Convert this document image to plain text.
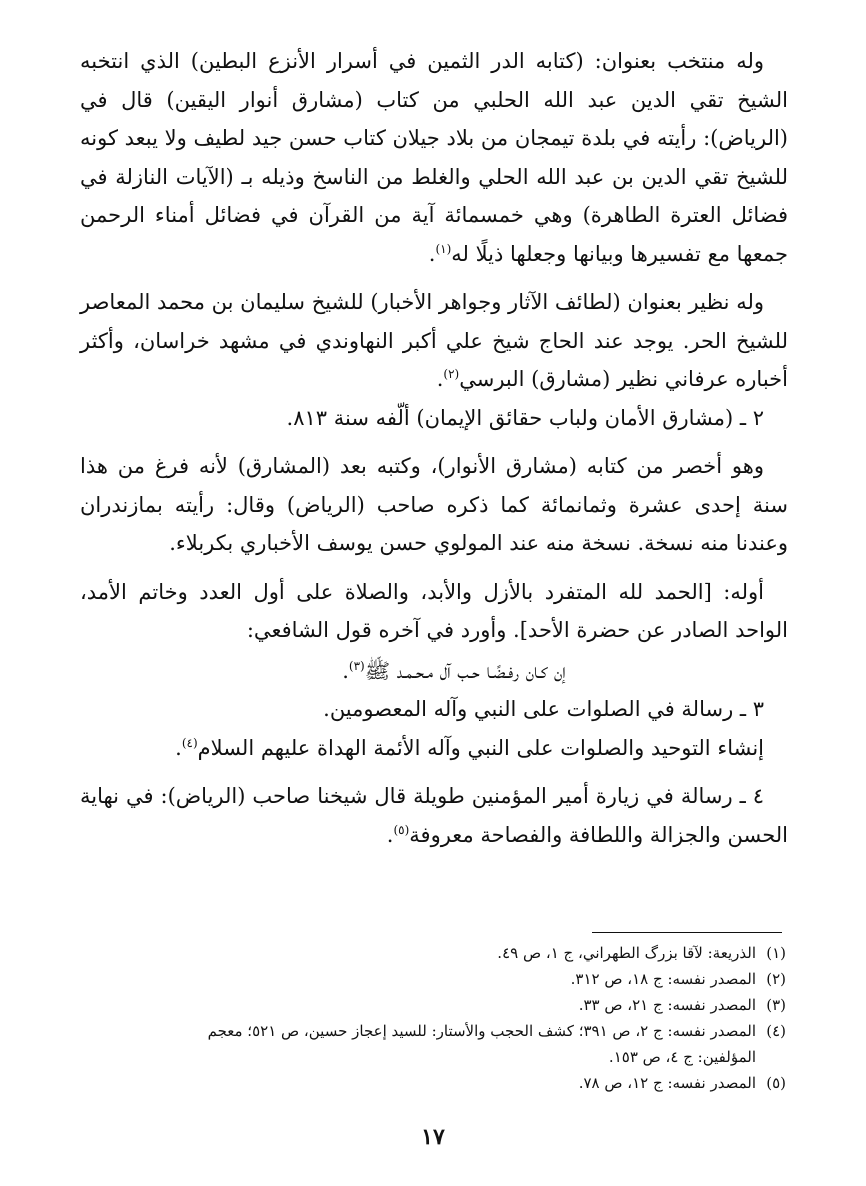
وله منتخب بعنوان: (كتابه الدر الثمين في أسرار الأنزع البطين) الذي انتخبه الشيخ تقي الدين عبد الله الحلبي من كتاب (مشارق أنوار اليقين) قال في (الرياض): رأيته في بلدة تيمجان من بلاد جيلان كتاب حسن جيد لطيف ولا يبعد كونه للشيخ تقي الدين بن عبد الله الحلي والغلط من الناسخ وذيله بـ (الآيات النازلة في فضائل العترة الطاهرة) وهي خمسمائة آية من القرآن في فضائل أمناء الرحمن جمعها مع تفسيرها وبيانها وجعلها ذيلًا له$^{(١)}$.

وله نظير بعنوان (لطائف الآثار وجواهر الأخبار) للشيخ سليمان بن محمد المعاصر للشيخ الحر. يوجد عند الحاج شيخ علي أكبر النهاوندي في مشهد خراسان، وأكثر أخباره عرفاني نظير (مشارق) البرسي$^{(٢)}$.

٢ ـ (مشارق الأمان ولباب حقائق الإيمان) ألّفه سنة ٨١٣.

وهو أخصر من كتابه (مشارق الأنوار)، وكتبه بعد (المشارق) لأنه فرغ من هذا سنة إحدى عشرة وثمانمائة كما ذكره صاحب (الرياض) وقال: رأيته بمازندران وعندنا منه نسخة. نسخة منه عند المولوي حسن يوسف الأخباري بكربلاء.

أوله: [الحمد لله المتفرد بالأزل والأبد، والصلاة على أول العدد وخاتم الأمد، الواحد الصادر عن حضرة الأحد]. وأورد في آخره قول الشافعي:

إن كـان رفـضًـا حـب آل مـحـمـد ﷺ$^{(٣)}$.

٣ ـ رسالة في الصلوات على النبي وآله المعصومين.

إنشاء التوحيد والصلوات على النبي وآله الأئمة الهداة عليهم السلام$^{(٤)}$.

٤ ـ رسالة في زيارة أمير المؤمنين طويلة قال شيخنا صاحب (الرياض): في نهاية الحسن والجزالة واللطافة والفصاحة معروفة$^{(٥)}$.

(١)الذريعة: لآقا بزرگ الطهراني، ج ١، ص ٤٩.

(٢)المصدر نفسه: ج ١٨، ص ٣١٢.

(٣)المصدر نفسه: ج ٢١، ص ٣٣.

(٤)المصدر نفسه: ج ٢، ص ٣٩١؛ كشف الحجب والأستار: للسيد إعجاز حسين، ص ٥٢١؛ معجم

المؤلفين: ج ٤، ص ١٥٣.

(٥)المصدر نفسه: ج ١٢، ص ٧٨.

١٧
